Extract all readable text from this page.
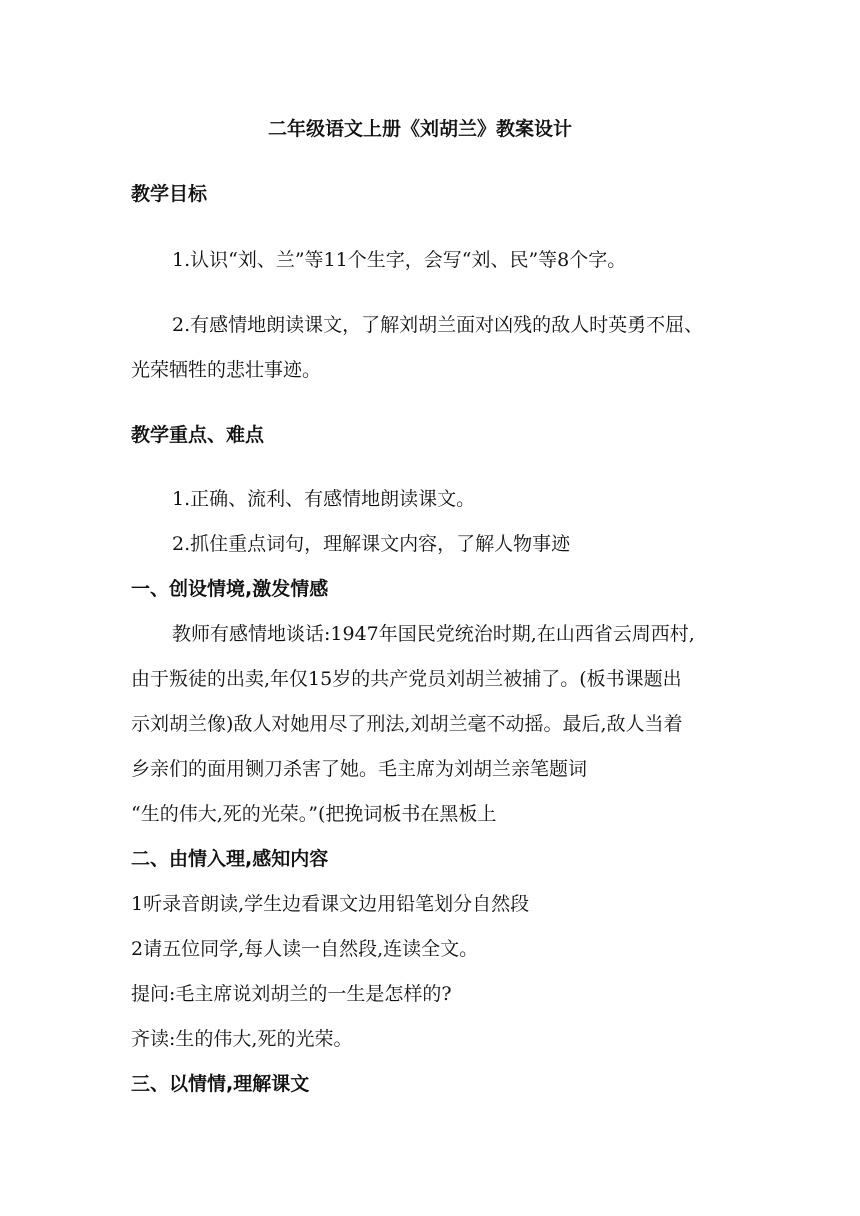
二年级语文上册《刘胡兰》教案设计

教学目标

1.认识“刘、兰”等11个生字，会写“刘、民”等8个字。

2.有感情地朗读课文，了解刘胡兰面对凶残的敌人时英勇不屈、

光荣牺牲的悲壮事迹。

教学重点、难点

1.正确、流利、有感情地朗读课文。

2.抓住重点词句，理解课文内容，了解人物事迹

一、创设情境,激发情感

教师有感情地谈话:1947年国民党统治时期,在山西省云周西村,

由于叛徒的出卖,年仅15岁的共产党员刘胡兰被捕了。(板书课题出

示刘胡兰像)敌人对她用尽了刑法,刘胡兰毫不动摇。最后,敌人当着

乡亲们的面用铡刀杀害了她。毛主席为刘胡兰亲笔题词

“生的伟大,死的光荣。”(把挽词板书在黑板上

二、由情入理,感知内容

1听录音朗读,学生边看课文边用铅笔划分自然段

2请五位同学,每人读一自然段,连读全文。

提问:毛主席说刘胡兰的一生是怎样的?

齐读:生的伟大,死的光荣。

三、以情情,理解课文
